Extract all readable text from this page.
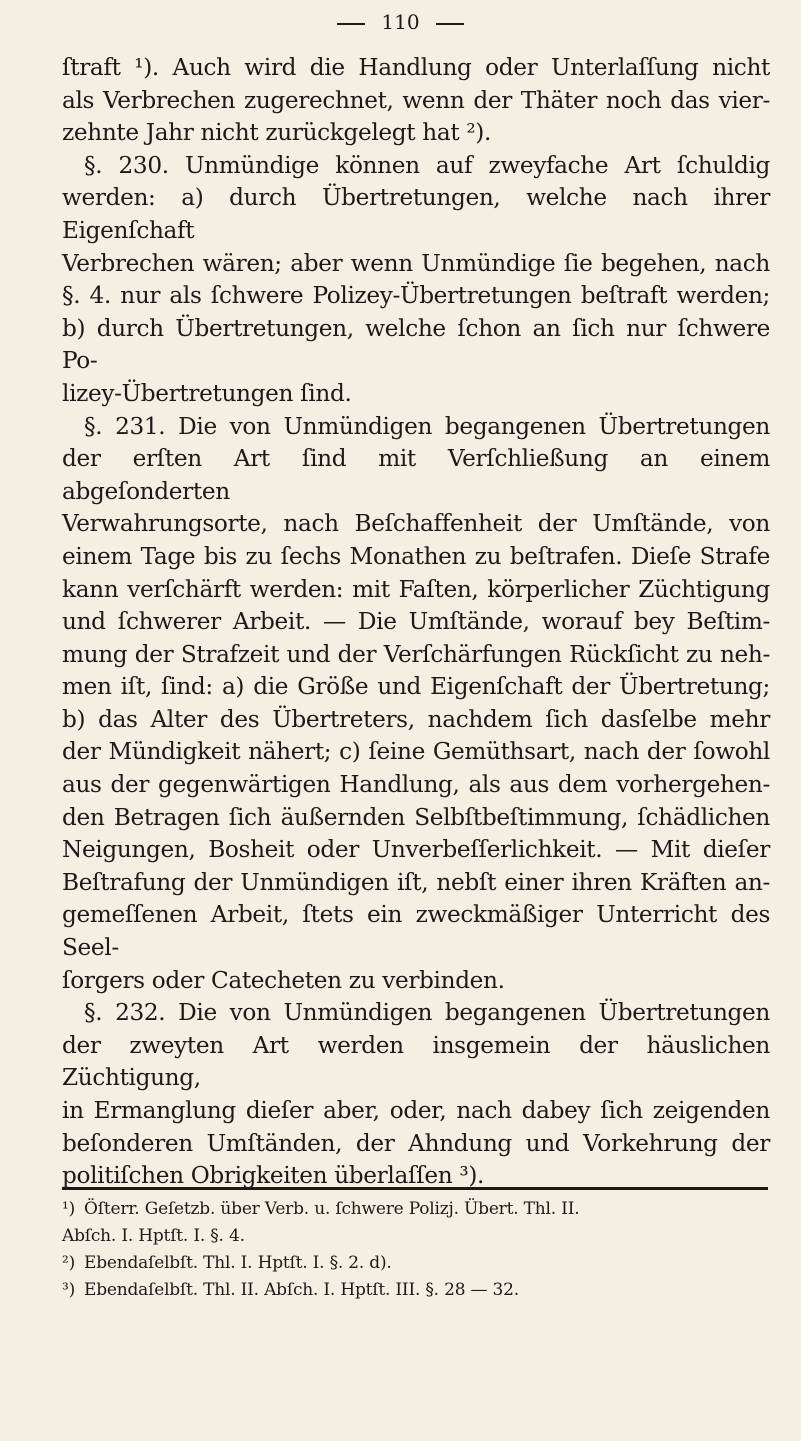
110
ſtraft ¹). Auch wird die Handlung oder Unterlaſſung nicht
als Verbrechen zugerechnet, wenn der Thäter noch das vier-
zehnte Jahr nicht zurückgelegt hat ²).
§. 230. Unmündige können auf zweyfache Art ſchuldig
werden: a) durch Übertretungen, welche nach ihrer Eigenſchaft
Verbrechen wären; aber wenn Unmündige ſie begehen, nach
§. 4. nur als ſchwere Polizey-Übertretungen beſtraft werden;
b) durch Übertretungen, welche ſchon an ſich nur ſchwere Po-
lizey-Übertretungen ſind.
§. 231. Die von Unmündigen begangenen Übertretungen
der erſten Art ſind mit Verſchließung an einem abgeſonderten
Verwahrungsorte, nach Beſchaffenheit der Umſtände, von
einem Tage bis zu ſechs Monathen zu beſtrafen. Dieſe Strafe
kann verſchärft werden: mit Faſten, körperlicher Züchtigung
und ſchwerer Arbeit. — Die Umſtände, worauf bey Beſtim-
mung der Strafzeit und der Verſchärfungen Rückſicht zu neh-
men iſt, ſind: a) die Größe und Eigenſchaft der Übertretung;
b) das Alter des Übertreters, nachdem ſich dasſelbe mehr
der Mündigkeit nähert; c) ſeine Gemüthsart, nach der ſowohl
aus der gegenwärtigen Handlung, als aus dem vorhergehen-
den Betragen ſich äußernden Selbſtbeſtimmung, ſchädlichen
Neigungen, Bosheit oder Unverbeſſerlichkeit. — Mit dieſer
Beſtrafung der Unmündigen iſt, nebſt einer ihren Kräften an-
gemeſſenen Arbeit, ſtets ein zweckmäßiger Unterricht des Seel-
ſorgers oder Catecheten zu verbinden.
§. 232. Die von Unmündigen begangenen Übertretungen
der zweyten Art werden insgemein der häuslichen Züchtigung,
in Ermanglung dieſer aber, oder, nach dabey ſich zeigenden
beſonderen Umſtänden, der Ahndung und Vorkehrung der
politiſchen Obrigkeiten überlaſſen ³).
¹) Öſterr. Geſetzb. über Verb. u. ſchwere Polizj. Übert. Thl. II.
Abſch. I. Hptſt. I. §. 4.
²) Ebendaſelbſt. Thl. I. Hptſt. I. §. 2. d).
³) Ebendaſelbſt. Thl. II. Abſch. I. Hptſt. III. §. 28 — 32.
